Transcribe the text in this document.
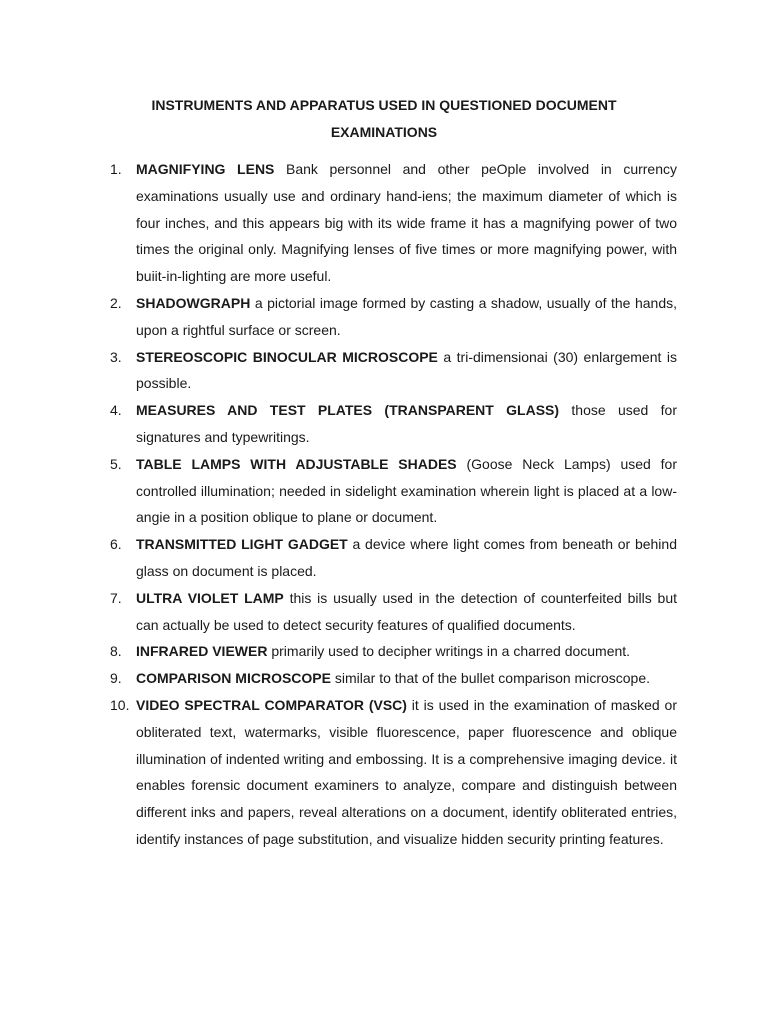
INSTRUMENTS AND APPARATUS USED IN QUESTIONED DOCUMENT
EXAMINATIONS
1.	MAGNIFYING LENS Bank personnel and other peOple involved in currency examinations usually use and ordinary hand-iens; the maximum diameter of which is four inches, and this appears big with its wide frame it has a magnifying power of two times the original only. Magnifying lenses of five times or more magnifying power, with buiit-in-lighting are more useful.
2.	SHADOWGRAPH a pictorial image formed by casting a shadow, usually of the hands, upon a rightful surface or screen.
3.	STEREOSCOPIC BINOCULAR MICROSCOPE a tri-dimensionai (30) enlargement is possible.
4.	MEASURES AND TEST PLATES (TRANSPARENT GLASS) those used for signatures and typewritings.
5.	TABLE LAMPS WITH ADJUSTABLE SHADES (Goose Neck Lamps) used for controlled illumination; needed in sidelight examination wherein light is placed at a low-angie in a position oblique to plane or document.
6.	TRANSMITTED LIGHT GADGET a device where light comes from beneath or behind glass on document is placed.
7.	ULTRA VIOLET LAMP this is usually used in the detection of counterfeited bills but can actually be used to detect security features of qualified documents.
8.	INFRARED VIEWER primarily used to decipher writings in a charred document.
9.	COMPARISON MICROSCOPE similar to that of the bullet comparison microscope.
10. VIDEO SPECTRAL COMPARATOR (VSC) it is used in the examination of masked or obliterated text, watermarks, visible fluorescence, paper fluorescence and oblique illumination of indented writing and embossing. It is a comprehensive imaging device. it enables forensic document examiners to analyze, compare and distinguish between different inks and papers, reveal alterations on a document, identify obliterated entries, identify instances of page substitution, and visualize hidden security printing features.
